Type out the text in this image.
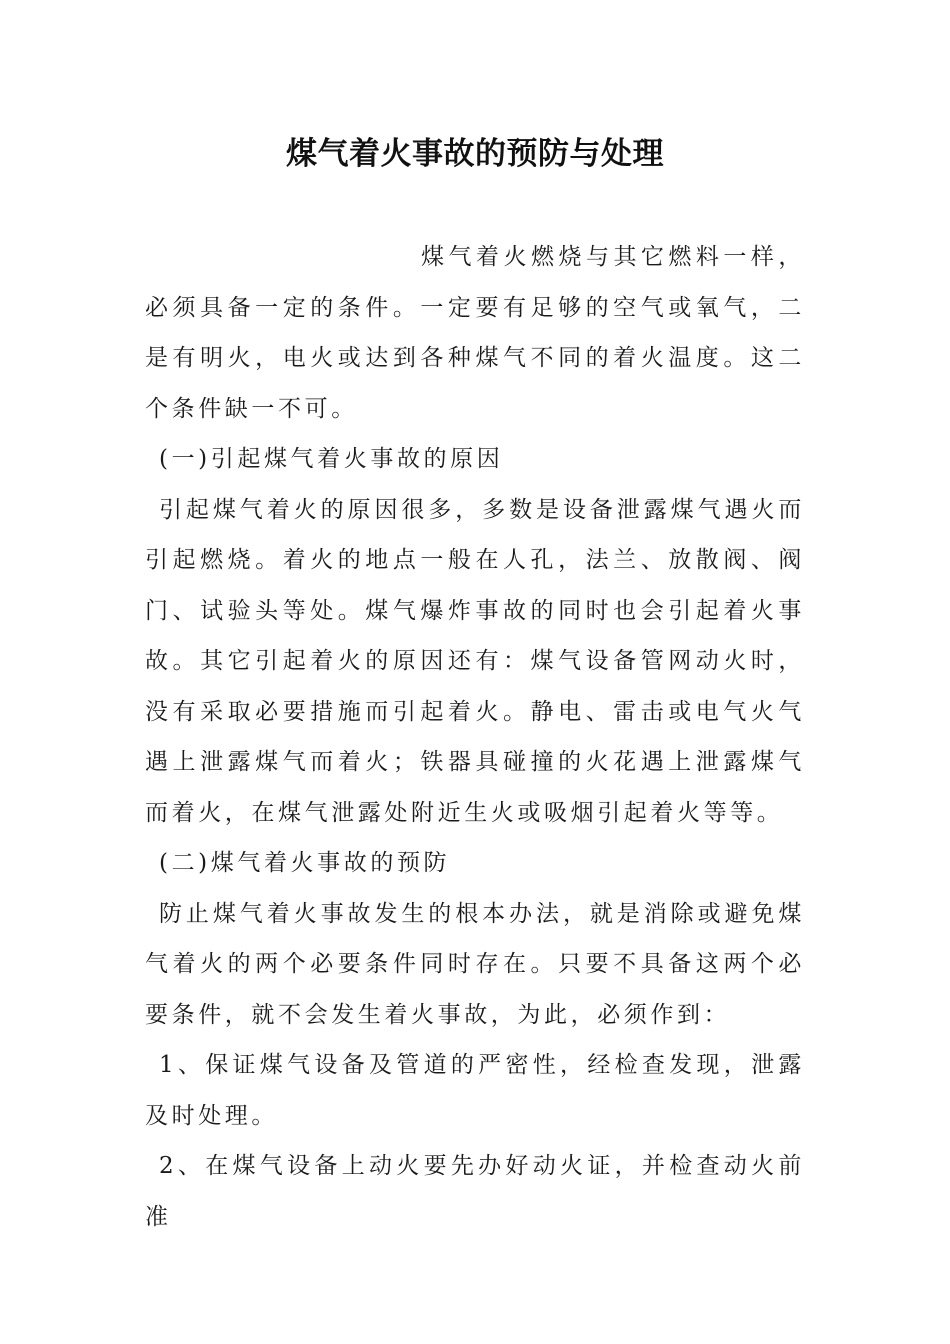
煤气着火事故的预防与处理

煤气着火燃烧与其它燃料一样，必须具备一定的条件。一定要有足够的空气或氧气，二是有明火，电火或达到各种煤气不同的着火温度。这二个条件缺一不可。

(一)引起煤气着火事故的原因

引起煤气着火的原因很多，多数是设备泄露煤气遇火而引起燃烧。着火的地点一般在人孔，法兰、放散阀、阀门、试验头等处。煤气爆炸事故的同时也会引起着火事故。其它引起着火的原因还有：煤气设备管网动火时，没有采取必要措施而引起着火。静电、雷击或电气火气遇上泄露煤气而着火；铁器具碰撞的火花遇上泄露煤气而着火，在煤气泄露处附近生火或吸烟引起着火等等。

(二)煤气着火事故的预防

防止煤气着火事故发生的根本办法，就是消除或避免煤气着火的两个必要条件同时存在。只要不具备这两个必要条件，就不会发生着火事故，为此，必须作到：

1、保证煤气设备及管道的严密性，经检查发现，泄露及时处理。

2、在煤气设备上动火要先办好动火证，并检查动火前准
